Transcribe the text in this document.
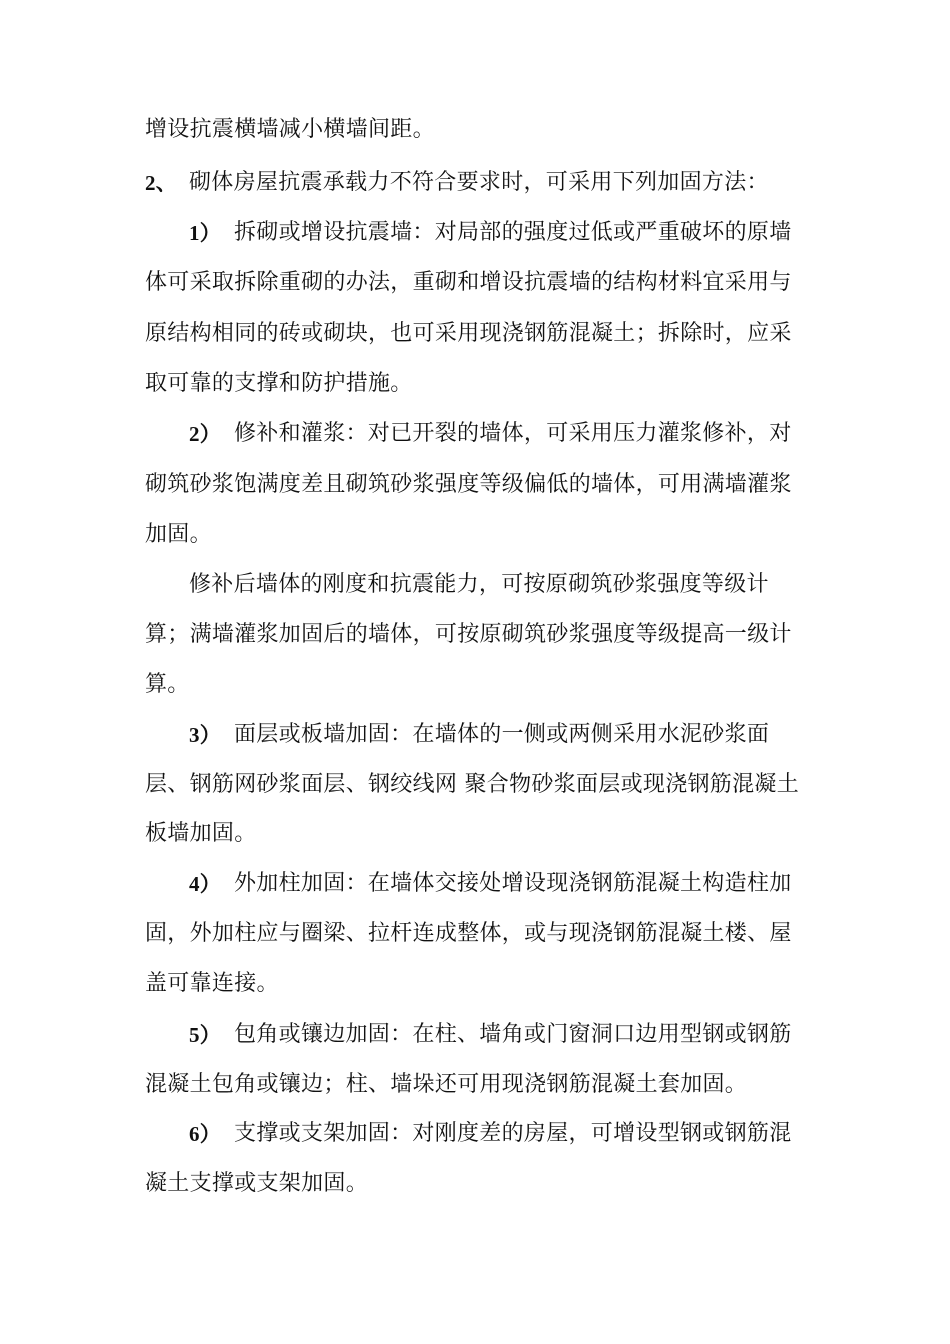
增设抗震横墙减小横墙间距。
2、 砌体房屋抗震承载力不符合要求时，可采用下列加固方法：
1） 拆砌或增设抗震墙：对局部的强度过低或严重破坏的原墙
体可采取拆除重砌的办法，重砌和增设抗震墙的结构材料宜采用与
原结构相同的砖或砌块，也可采用现浇钢筋混凝土；拆除时，应采
取可靠的支撑和防护措施。
2） 修补和灌浆：对已开裂的墙体，可采用压力灌浆修补，对
砌筑砂浆饱满度差且砌筑砂浆强度等级偏低的墙体，可用满墙灌浆
加固。
修补后墙体的刚度和抗震能力，可按原砌筑砂浆强度等级计
算；满墙灌浆加固后的墙体，可按原砌筑砂浆强度等级提高一级计
算。
3） 面层或板墙加固：在墙体的一侧或两侧采用水泥砂浆面
层、钢筋网砂浆面层、钢绞线网 聚合物砂浆面层或现浇钢筋混凝土
板墙加固。
4） 外加柱加固：在墙体交接处增设现浇钢筋混凝土构造柱加
固，外加柱应与圈梁、拉杆连成整体，或与现浇钢筋混凝土楼、屋
盖可靠连接。
5） 包角或镶边加固：在柱、墙角或门窗洞口边用型钢或钢筋
混凝土包角或镶边；柱、墙垛还可用现浇钢筋混凝土套加固。
6） 支撑或支架加固：对刚度差的房屋，可增设型钢或钢筋混
凝土支撑或支架加固。
